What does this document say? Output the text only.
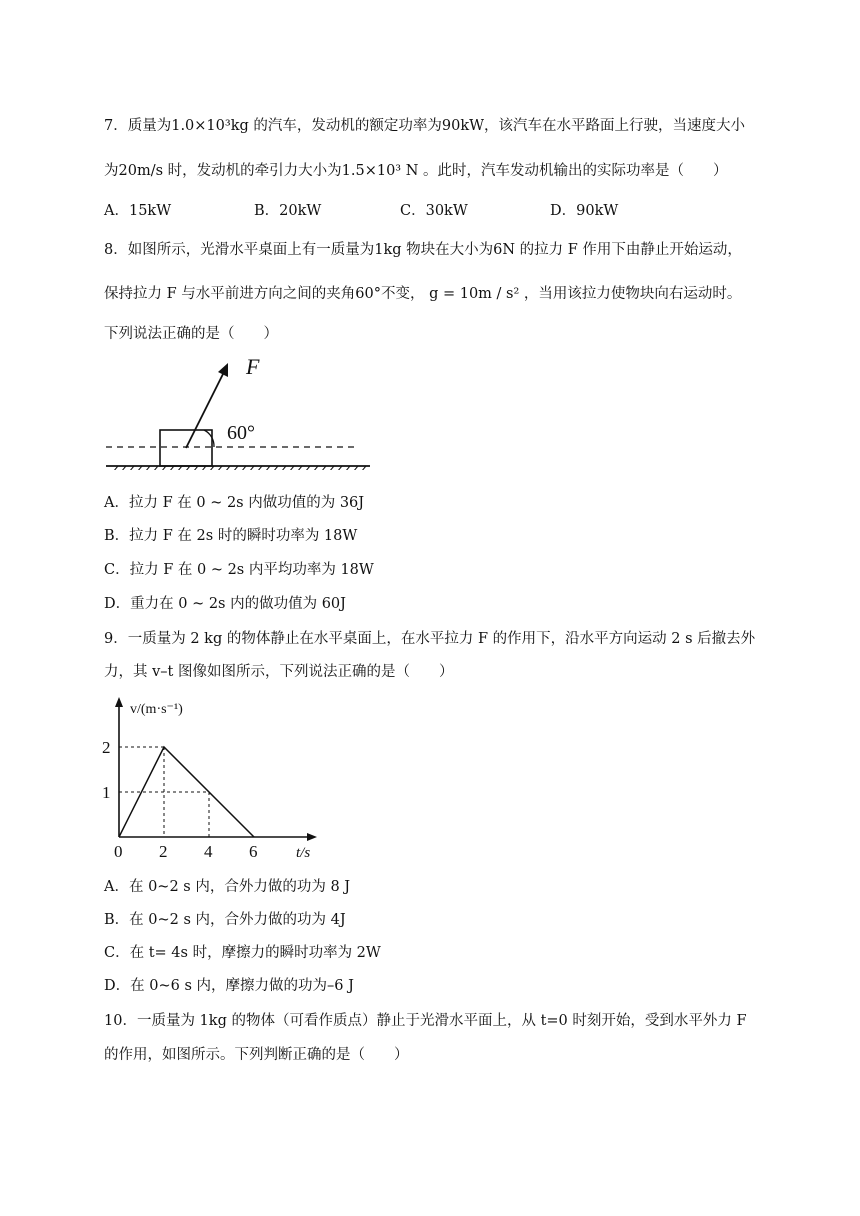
7．质量为1.0×10³kg 的汽车，发动机的额定功率为90kW，该汽车在水平路面上行驶，当速度大小
为20m/s 时，发动机的牵引力大小为1.5×10³ N 。此时，汽车发动机输出的实际功率是（　　）
A．15kW	B．20kW	C．30kW	D．90kW
8．如图所示，光滑水平桌面上有一质量为1kg 物块在大小为6N 的拉力 F 作用下由静止开始运动，
保持拉力 F 与水平前进方向之间的夹角60°不变， g = 10m / s² ，当用该拉力使物块向右运动时。
下列说法正确的是（　　）
F
60°
A．拉力 F 在 0 ~ 2s 内做功值的为 36J
B．拉力 F 在 2s 时的瞬时功率为 18W
C．拉力 F 在 0 ~ 2s 内平均功率为 18W
D．重力在 0 ~ 2s 内的做功值为 60J
9．一质量为 2 kg 的物体静止在水平桌面上，在水平拉力 F 的作用下，沿水平方向运动 2 s 后撤去外
力，其 v–t 图像如图所示，下列说法正确的是（　　）
0 2 4 6
1
2
t/s
v/(m·s⁻¹)
A．在 0~2 s 内，合外力做的功为 8 J
B．在 0~2 s 内，合外力做的功为 4J
C．在 t= 4s 时，摩擦力的瞬时功率为 2W
D．在 0~6 s 内，摩擦力做的功为–6 J
10．一质量为 1kg 的物体（可看作质点）静止于光滑水平面上，从 t=0 时刻开始，受到水平外力 F
的作用，如图所示。下列判断正确的是（　　）
